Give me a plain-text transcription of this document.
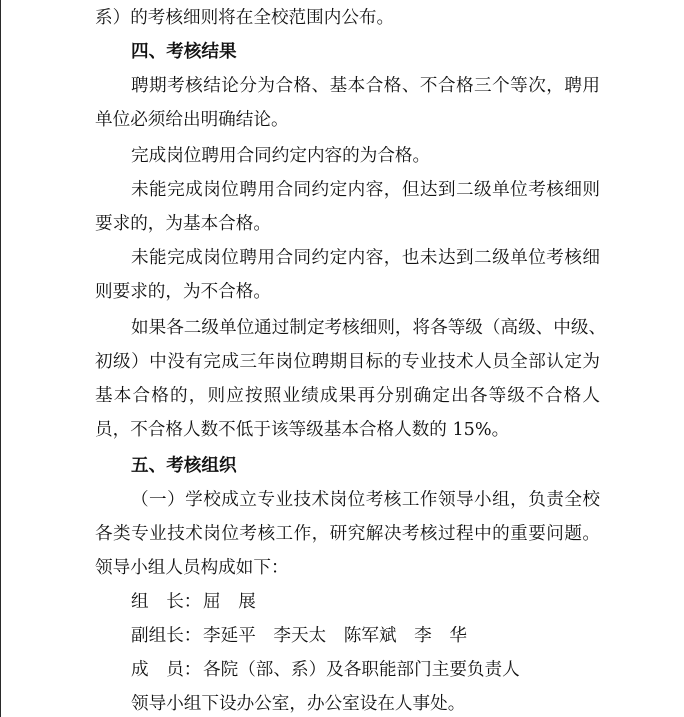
系）的考核细则将在全校范围内公布。
四、考核结果
聘期考核结论分为合格、基本合格、不合格三个等次，聘用
单位必须给出明确结论。
完成岗位聘用合同约定内容的为合格。
未能完成岗位聘用合同约定内容，但达到二级单位考核细则
要求的，为基本合格。
未能完成岗位聘用合同约定内容，也未达到二级单位考核细
则要求的，为不合格。
如果各二级单位通过制定考核细则，将各等级（高级、中级、
初级）中没有完成三年岗位聘期目标的专业技术人员全部认定为
基本合格的，则应按照业绩成果再分别确定出各等级不合格人
员，不合格人数不低于该等级基本合格人数的 15%。
五、考核组织
（一）学校成立专业技术岗位考核工作领导小组，负责全校
各类专业技术岗位考核工作，研究解决考核过程中的重要问题。
领导小组人员构成如下：
组　长： 屈　展
副组长： 李延平　李天太　陈军斌　李　华
成　员： 各院（部、系）及各职能部门主要负责人
领导小组下设办公室，办公室设在人事处。
